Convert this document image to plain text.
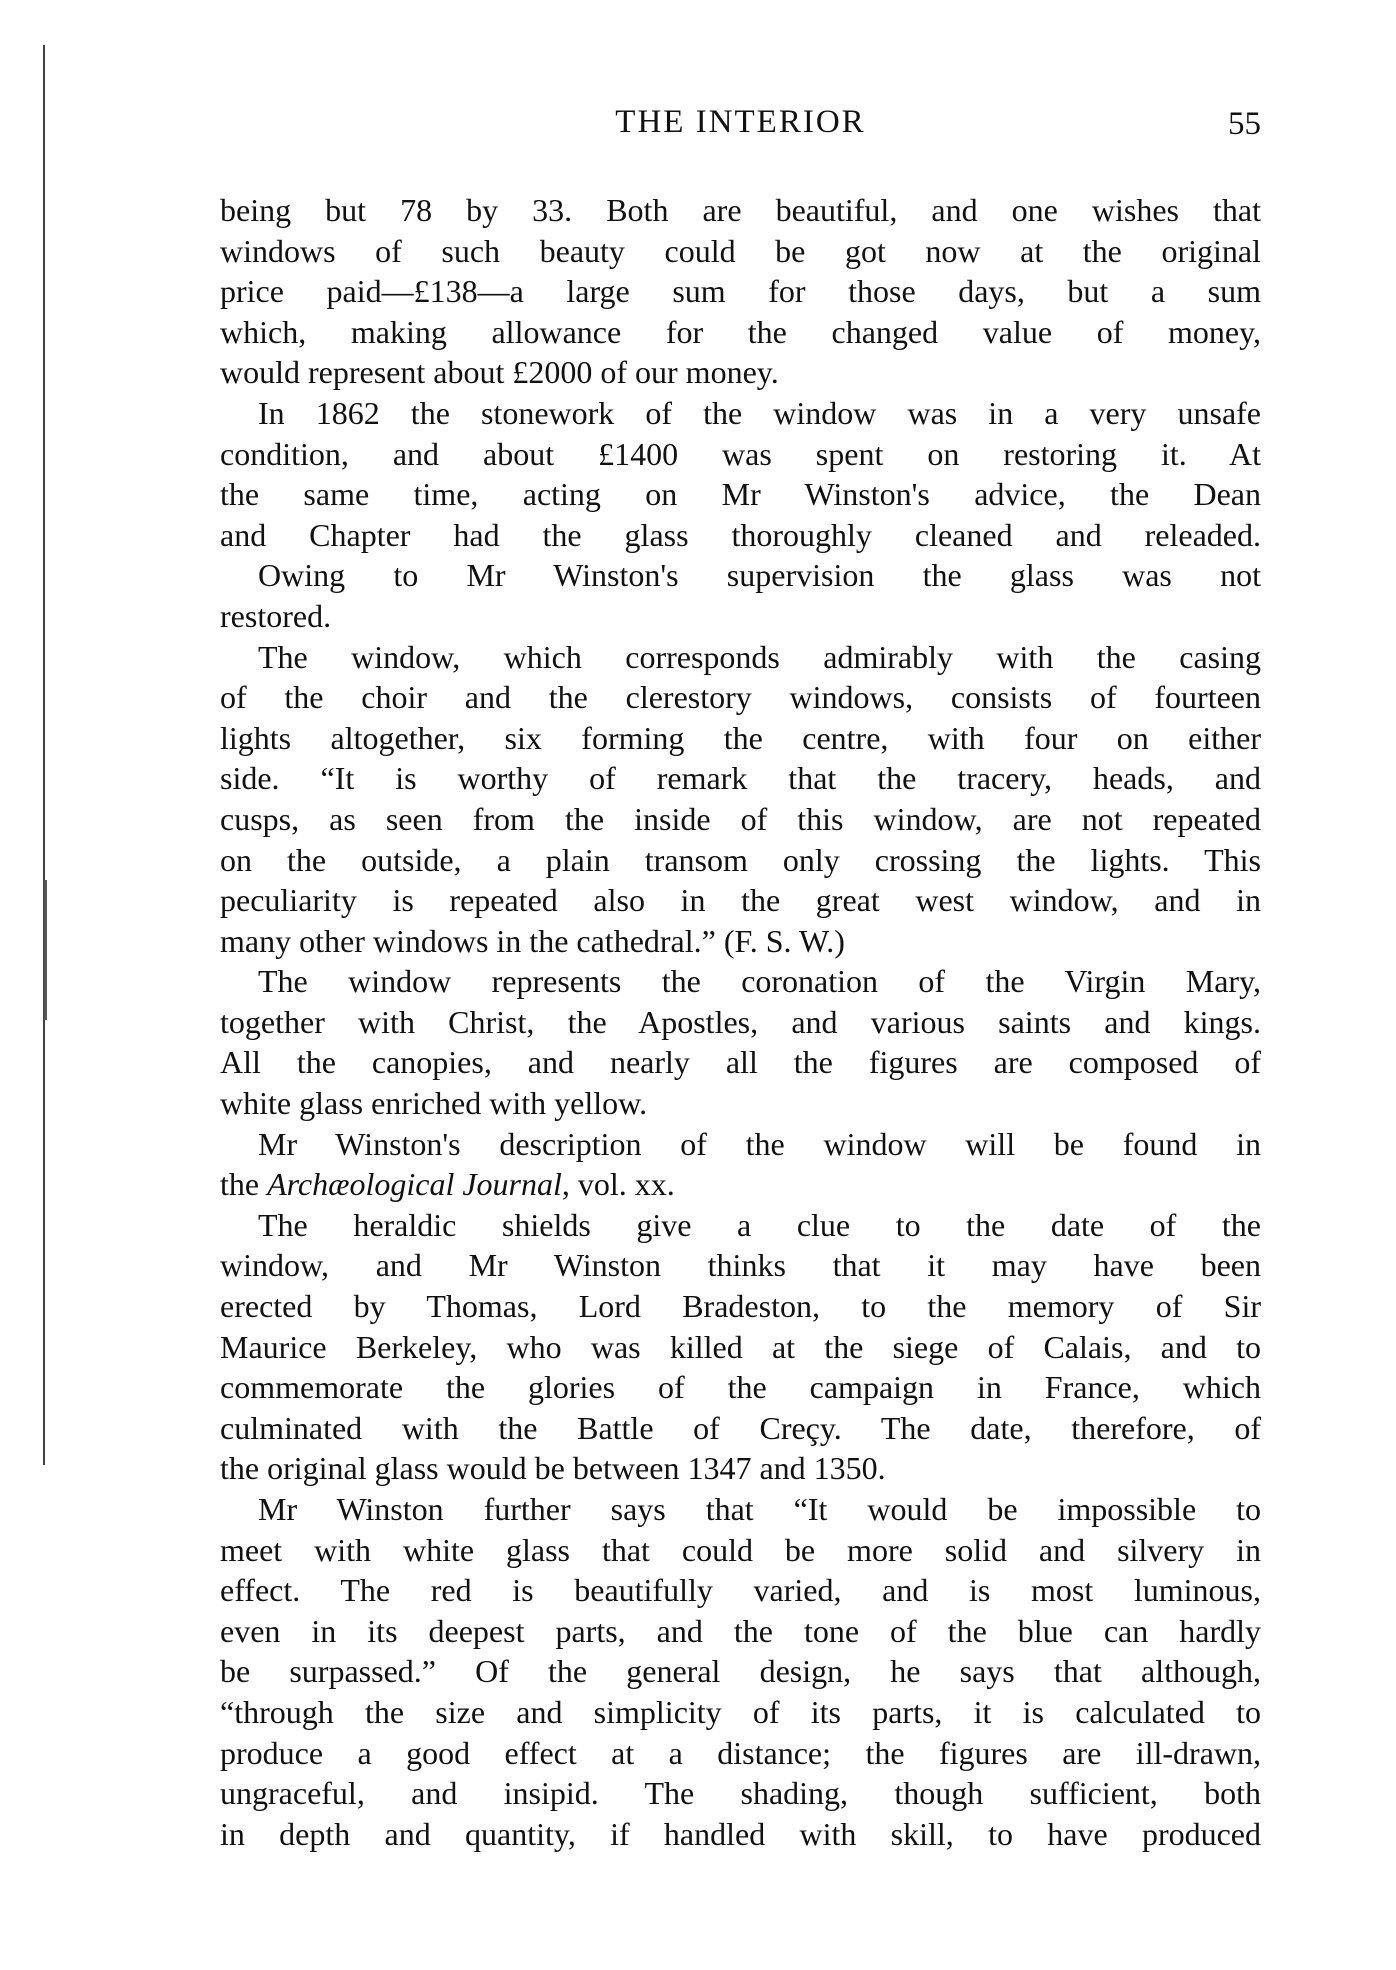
THE INTERIOR	55
being but 78 by 33. Both are beautiful, and one wishes that
windows of such beauty could be got now at the original
price paid—£138—a large sum for those days, but a sum
which, making allowance for the changed value of money,
would represent about £2000 of our money.
In 1862 the stonework of the window was in a very unsafe
condition, and about £1400 was spent on restoring it. At
the same time, acting on Mr Winston's advice, the Dean
and Chapter had the glass thoroughly cleaned and releaded.
Owing to Mr Winston's supervision the glass was not
restored.
The window, which corresponds admirably with the casing
of the choir and the clerestory windows, consists of fourteen
lights altogether, six forming the centre, with four on either
side. “It is worthy of remark that the tracery, heads, and
cusps, as seen from the inside of this window, are not repeated
on the outside, a plain transom only crossing the lights. This
peculiarity is repeated also in the great west window, and in
many other windows in the cathedral.” (F. S. W.)
The window represents the coronation of the Virgin Mary,
together with Christ, the Apostles, and various saints and kings.
All the canopies, and nearly all the figures are composed of
white glass enriched with yellow.
Mr Winston's description of the window will be found in
the Archæological Journal, vol. xx.
The heraldic shields give a clue to the date of the
window, and Mr Winston thinks that it may have been
erected by Thomas, Lord Bradeston, to the memory of Sir
Maurice Berkeley, who was killed at the siege of Calais, and to
commemorate the glories of the campaign in France, which
culminated with the Battle of Creçy. The date, therefore, of
the original glass would be between 1347 and 1350.
Mr Winston further says that “It would be impossible to
meet with white glass that could be more solid and silvery in
effect. The red is beautifully varied, and is most luminous,
even in its deepest parts, and the tone of the blue can hardly
be surpassed.” Of the general design, he says that although,
“through the size and simplicity of its parts, it is calculated to
produce a good effect at a distance; the figures are ill-drawn,
ungraceful, and insipid. The shading, though sufficient, both
in depth and quantity, if handled with skill, to have produced
